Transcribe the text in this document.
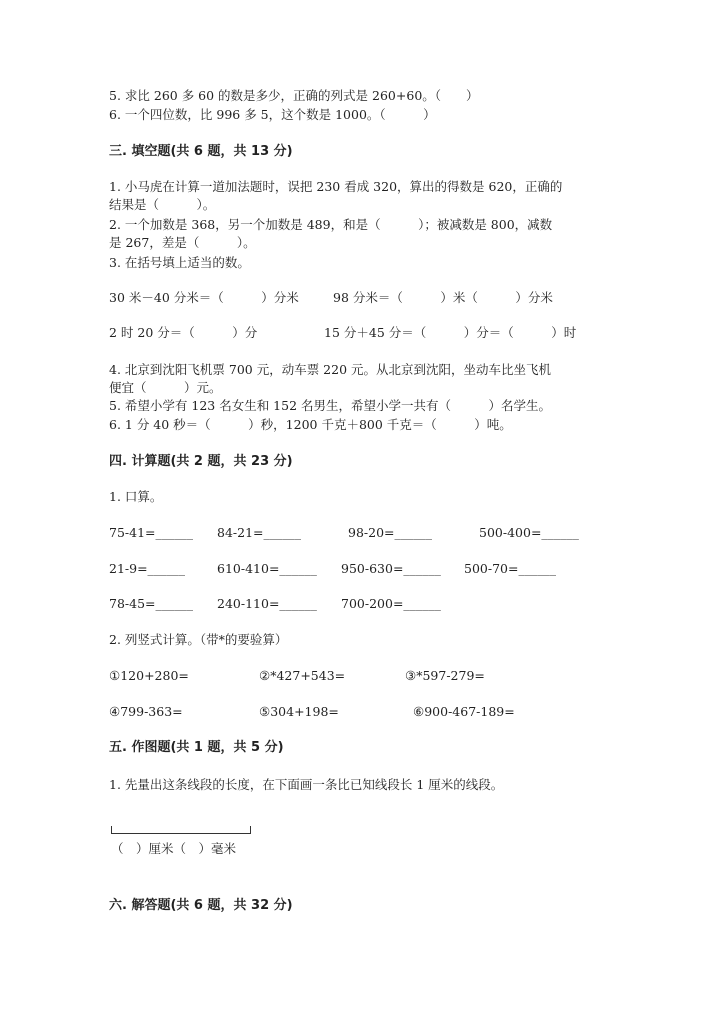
5. 求比 260 多 60 的数是多少，正确的列式是 260+60。（　　）
6. 一个四位数，比 996 多 5，这个数是 1000。（　　　）
三. 填空题(共 6 题，共 13 分)
1. 小马虎在计算一道加法题时，误把 230 看成 320，算出的得数是 620，正确的
结果是（　　　）。
2. 一个加数是 368，另一个加数是 489，和是（　　　）；被减数是 800，减数
是 267，差是（　　　）。
3. 在括号填上适当的数。
30 米－40 分米＝（　　　）分米	98 分米＝（　　　）米（　　　）分米
2 时 20 分＝（　　　）分	15 分＋45 分＝（　　　）分＝（　　　）时
4. 北京到沈阳飞机票 700 元，动车票 220 元。从北京到沈阳，坐动车比坐飞机
便宜（　　　）元。
5. 希望小学有 123 名女生和 152 名男生，希望小学一共有（　　　）名学生。
6. 1 分 40 秒＝（　　　）秒，1200 千克＋800 千克＝（　　　）吨。
四. 计算题(共 2 题，共 23 分)
1. 口算。
75-41=______ 84-21=______	98-20=______	500-400=______
21-9=______	610-410=______ 950-630=______ 500-70=______
78-45=______ 240-110=______ 700-200=______
2. 列竖式计算。（带*的要验算）
①120+280=	②*427+543=	③*597-279=
④799-363=	⑤304+198=	⑥900-467-189=
五. 作图题(共 1 题，共 5 分)
1. 先量出这条线段的长度，在下面画一条比已知线段长 1 厘米的线段。
（　）厘米（　）毫米
六. 解答题(共 6 题，共 32 分)
